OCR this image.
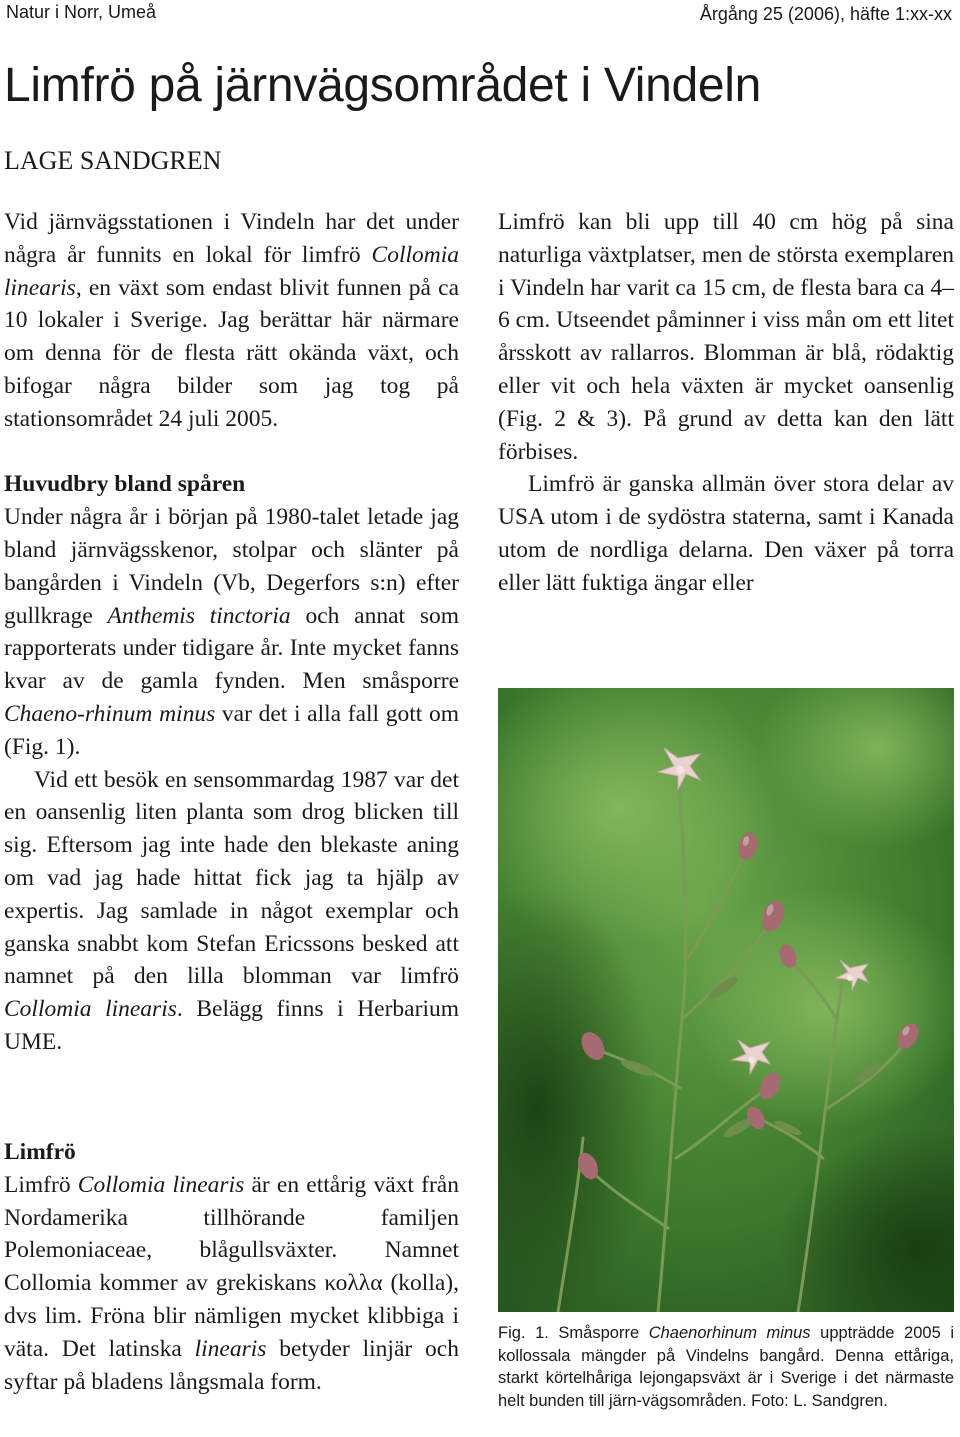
Natur i Norr, Umeå	Årgång 25 (2006), häfte 1:xx-xx
Limfrö på järnvägsområdet i Vindeln
LAGE SANDGREN

Vid järnvägsstationen i Vindeln har det under några år funnits en lokal för limfrö Collomia linearis, en växt som endast blivit funnen på ca 10 lokaler i Sverige. Jag berättar här närmare om denna för de flesta rätt okända växt, och bifogar några bilder som jag tog på stationsområdet 24 juli 2005.

Huvudbry bland spåren

Under några år i början på 1980-talet letade jag bland järnvägsskenor, stolpar och slänter på bangården i Vindeln (Vb, Degerfors s:n) efter gullkrage Anthemis tinctoria och annat som rapporterats under tidigare år. Inte mycket fanns kvar av de gamla fynden. Men småsporre Chaeno-rhinum minus var det i alla fall gott om (Fig. 1).

Vid ett besök en sensommardag 1987 var det en oansenlig liten planta som drog blicken till sig. Eftersom jag inte hade den blekaste aning om vad jag hade hittat fick jag ta hjälp av expertis. Jag samlade in något exemplar och ganska snabbt kom Stefan Ericssons besked att namnet på den lilla blomman var limfrö Collomia linearis. Belägg finns i Herbarium UME.

Limfrö

Limfrö Collomia linearis är en ettårig växt från Nordamerika tillhörande familjen Polemoniaceae, blågullsväxter. Namnet Collomia kommer av grekiskans κολλα (kolla), dvs lim. Fröna blir nämligen mycket klibbiga i väta. Det latinska linearis betyder linjär och syftar på bladens långsmala form.

Limfrö kan bli upp till 40 cm hög på sina naturliga växtplatser, men de största exemplaren i Vindeln har varit ca 15 cm, de flesta bara ca 4–6 cm. Utseendet påminner i viss mån om ett litet årsskott av rallarros. Blomman är blå, rödaktig eller vit och hela växten är mycket oansenlig (Fig. 2 & 3). På grund av detta kan den lätt förbises.

Limfrö är ganska allmän över stora delar av USA utom i de sydöstra staterna, samt i Kanada utom de nordliga delarna. Den växer på torra eller lätt fuktiga ängar eller

Fig. 1. Småsporre Chaenorhinum minus uppträdde 2005 i kollossala mängder på Vindelns bangård. Denna ettåriga, starkt körtelhåriga lejongapsväxt är i Sverige i det närmaste helt bunden till järn-vägsområden. Foto: L. Sandgren.
